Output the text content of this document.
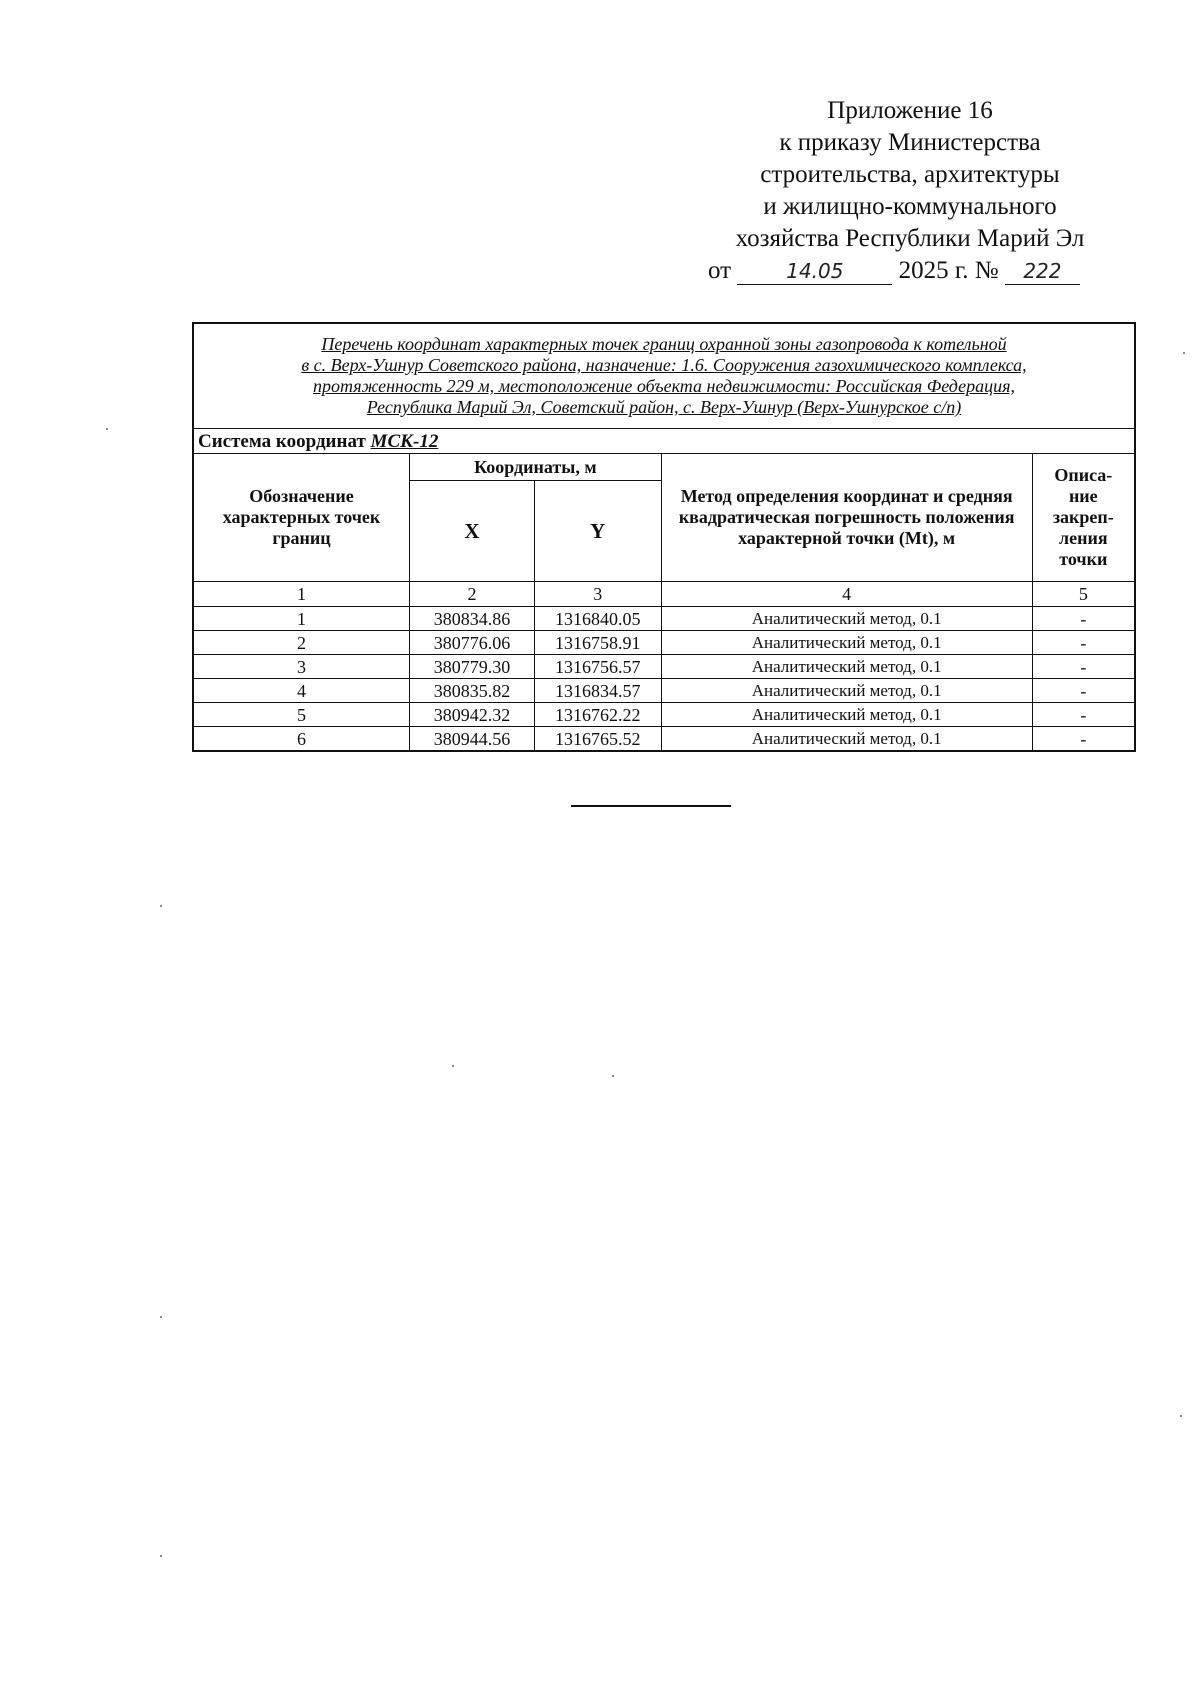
Приложение 16
к приказу Министерства
строительства, архитектуры
и жилищно-коммунального
хозяйства Республики Марий Эл
от	14.05 2025 г. № 222
Перечень координат характерных точек границ охранной зоны газопровода к котельной
в с. Верх-Ушнур Советского района, назначение: 1.6. Сооружения газохимического комплекса,
протяженность 229 м, местоположение объекта недвижимости: Российская Федерация,
Республика Марий Эл, Советский район, с. Верх-Ушнур (Верх-Ушнурское с/п)				
Система координат МСК-12				
Обозначение характерных точек границ	Координаты, м		Метод определения координат и средняя квадратическая погрешность положения характерной точки (Mt), м	Описа-
ние
закреп-
ления
точки
	X	Y		
1	2	3	4	5
1	380834.86	1316840.05	Аналитический метод, 0.1	-
2	380776.06	1316758.91	Аналитический метод, 0.1	-
3	380779.30	1316756.57	Аналитический метод, 0.1	-
4	380835.82	1316834.57	Аналитический метод, 0.1	-
5	380942.32	1316762.22	Аналитический метод, 0.1	-
6	380944.56	1316765.52	Аналитический метод, 0.1	-
